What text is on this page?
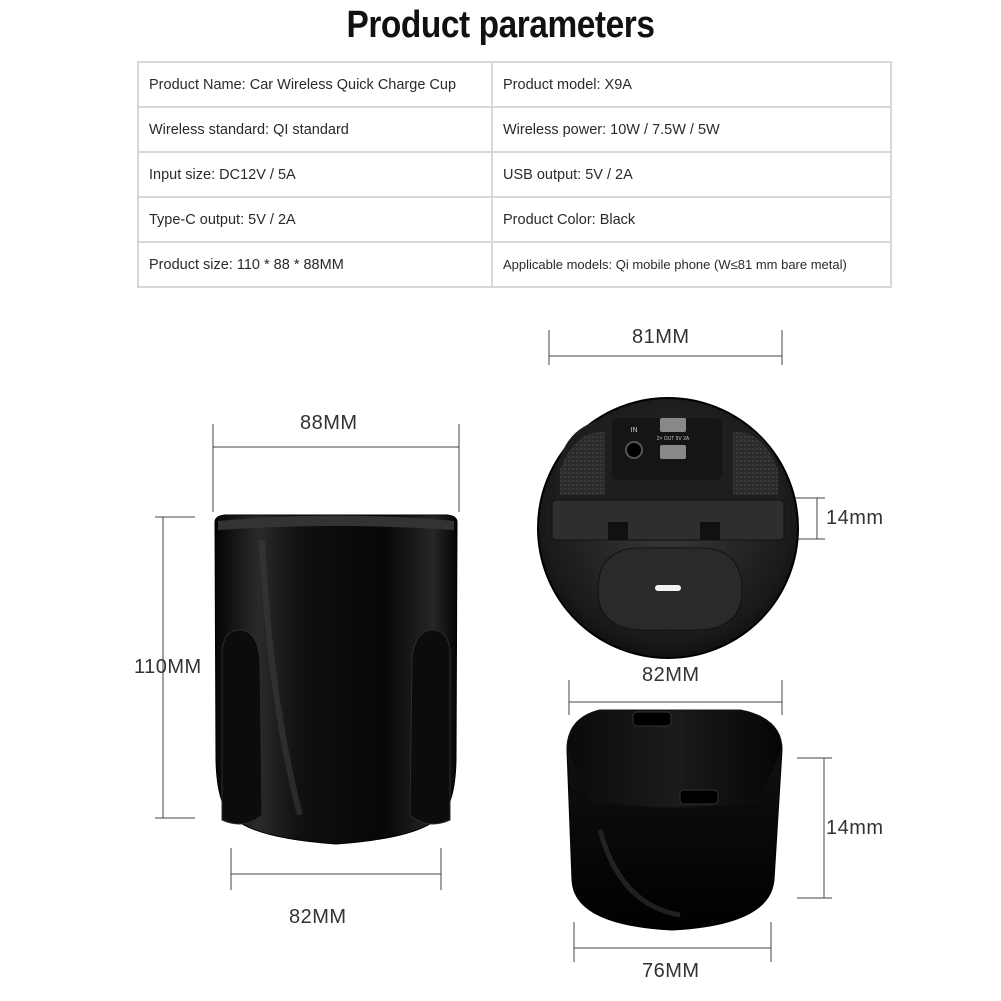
Product parameters
Product Name: Car Wireless Quick Charge Cup	Product model: X9A
Wireless standard: QI standard	Wireless power: 10W / 7.5W / 5W
Input size: DC12V / 5A	USB output: 5V / 2A
Type-C output: 5V / 2A	Product Color: Black
Product size: 110 * 88 * 88MM	Applicable models: Qi mobile phone (W≤81 mm bare metal)
IN
2× OUT 5V 2A
88MM
110MM
82MM
81MM
14mm
82MM
14mm
76MM
